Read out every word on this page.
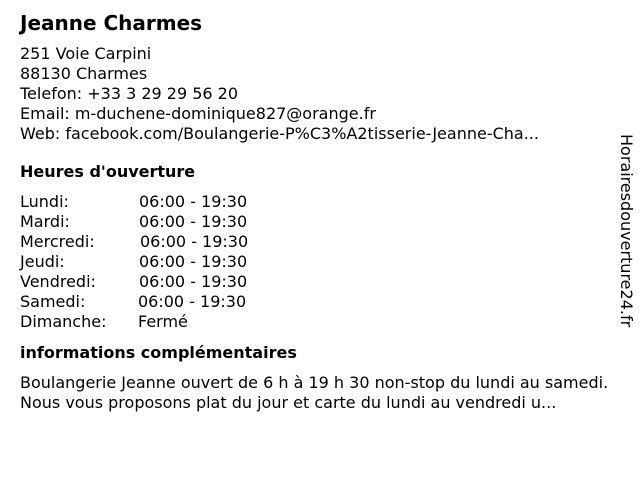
Jeanne Charmes
251 Voie Carpini
88130 Charmes
Telefon: +33 3 29 29 56 20
Email: m-duchene-dominique827@orange.fr
Web: facebook.com/Boulangerie-P%C3%A2tisserie-Jeanne-Cha...
Heures d'ouverture
Lundi:	06:00 - 19:30
Mardi:	06:00 - 19:30
Mercredi:	06:00 - 19:30
Jeudi:	06:00 - 19:30
Vendredi:	06:00 - 19:30
Samedi:	06:00 - 19:30
Dimanche: Fermé
informations complémentaires
Boulangerie Jeanne ouvert de 6 h à 19 h 30 non-stop du lundi au samedi.
Nous vous proposons plat du jour et carte du lundi au vendredi u...
Horairesdouverture24.fr
